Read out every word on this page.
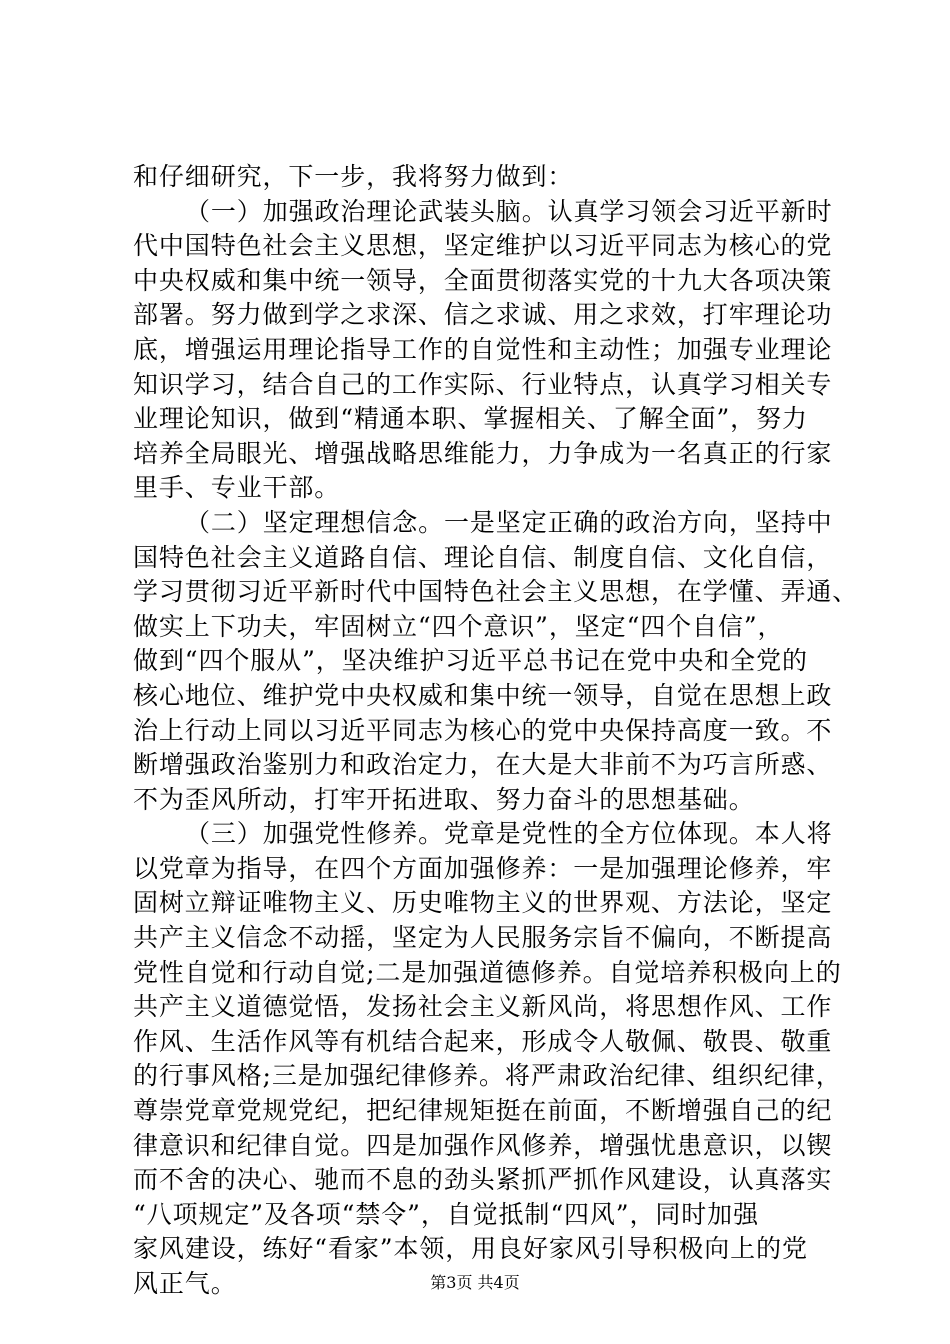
和仔细研究，下一步，我将努力做到：
（一）加强政治理论武装头脑。认真学习领会习近平新时
代中国特色社会主义思想，坚定维护以习近平同志为核心的党
中央权威和集中统一领导，全面贯彻落实党的十九大各项决策
部署。努力做到学之求深、信之求诚、用之求效，打牢理论功
底，增强运用理论指导工作的自觉性和主动性；加强专业理论
知识学习，结合自己的工作实际、行业特点，认真学习相关专
业理论知识，做到“精通本职、掌握相关、了解全面”，努力
培养全局眼光、增强战略思维能力，力争成为一名真正的行家
里手、专业干部。
（二）坚定理想信念。一是坚定正确的政治方向，坚持中
国特色社会主义道路自信、理论自信、制度自信、文化自信，
学习贯彻习近平新时代中国特色社会主义思想，在学懂、弄通、
做实上下功夫，牢固树立“四个意识”，坚定“四个自信”，
做到“四个服从”，坚决维护习近平总书记在党中央和全党的
核心地位、维护党中央权威和集中统一领导，自觉在思想上政
治上行动上同以习近平同志为核心的党中央保持高度一致。不
断增强政治鉴别力和政治定力，在大是大非前不为巧言所惑、
不为歪风所动，打牢开拓进取、努力奋斗的思想基础。
（三）加强党性修养。党章是党性的全方位体现。本人将
以党章为指导，在四个方面加强修养：一是加强理论修养，牢
固树立辩证唯物主义、历史唯物主义的世界观、方法论，坚定
共产主义信念不动摇，坚定为人民服务宗旨不偏向，不断提高
党性自觉和行动自觉;二是加强道德修养。自觉培养积极向上的
共产主义道德觉悟，发扬社会主义新风尚，将思想作风、工作
作风、生活作风等有机结合起来，形成令人敬佩、敬畏、敬重
的行事风格;三是加强纪律修养。将严肃政治纪律、组织纪律，
尊崇党章党规党纪，把纪律规矩挺在前面，不断增强自己的纪
律意识和纪律自觉。四是加强作风修养，增强忧患意识，以锲
而不舍的决心、驰而不息的劲头紧抓严抓作风建设，认真落实
“八项规定”及各项“禁令”，自觉抵制“四风”，同时加强
家风建设，练好“看家”本领，用良好家风引导积极向上的党
风正气。	第3页 共4页
